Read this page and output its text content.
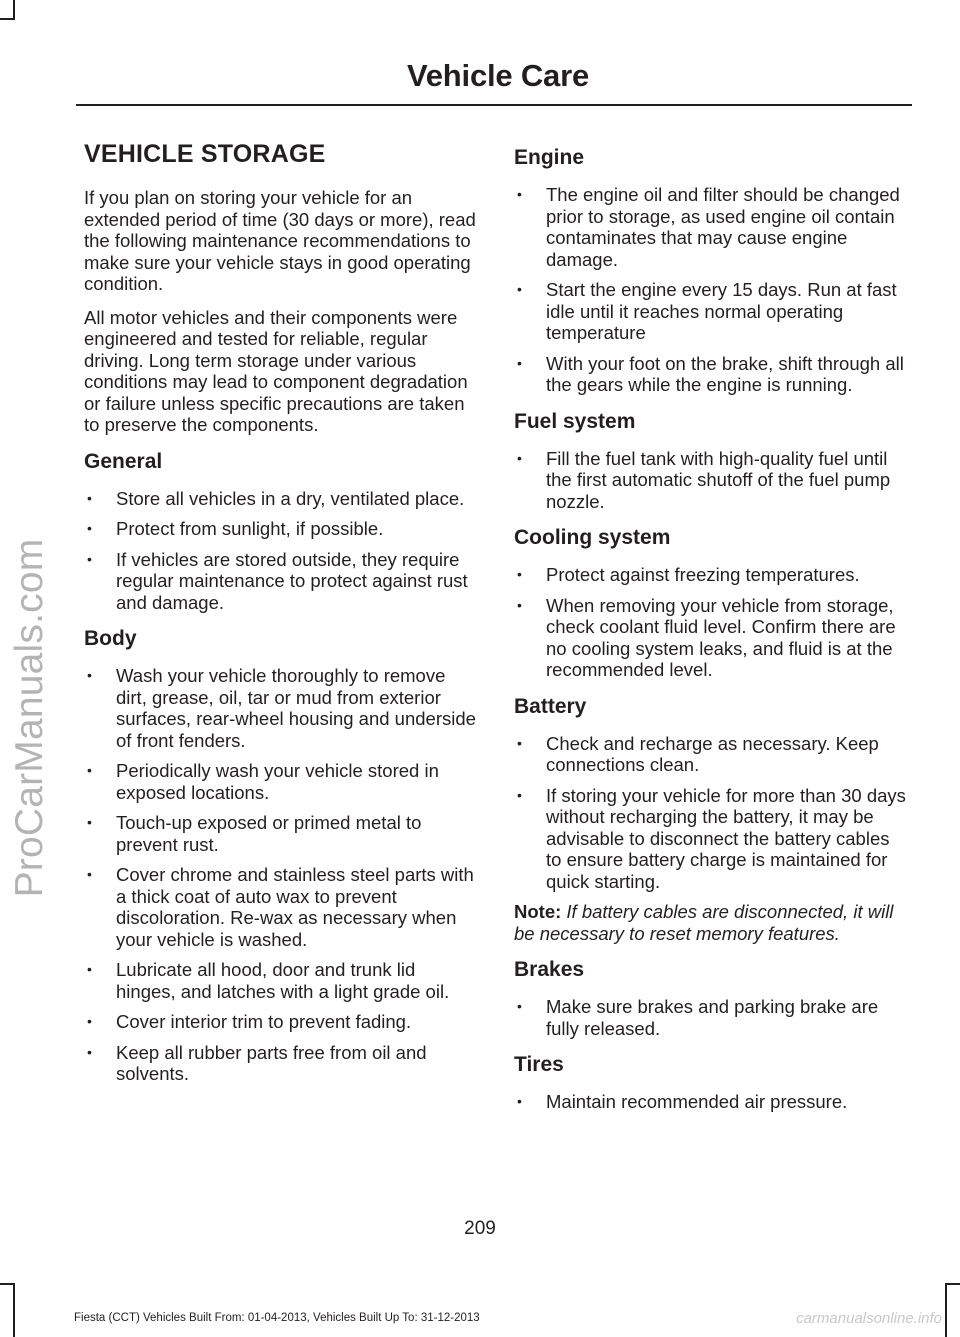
ProCarManuals.com
Vehicle Care
VEHICLE STORAGE

If you plan on storing your vehicle for an extended period of time (30 days or more), read the following maintenance recommendations to make sure your vehicle stays in good operating condition.

All motor vehicles and their components were engineered and tested for reliable, regular driving. Long term storage under various conditions may lead to component degradation or failure unless specific precautions are taken to preserve the components.

General
• Store all vehicles in a dry, ventilated place.
• Protect from sunlight, if possible.
• If vehicles are stored outside, they require regular maintenance to protect against rust and damage.
Body
• Wash your vehicle thoroughly to remove dirt, grease, oil, tar or mud from exterior surfaces, rear-wheel housing and underside of front fenders.
• Periodically wash your vehicle stored in exposed locations.
• Touch-up exposed or primed metal to prevent rust.
• Cover chrome and stainless steel parts with a thick coat of auto wax to prevent discoloration. Re-wax as necessary when your vehicle is washed.
• Lubricate all hood, door and trunk lid hinges, and latches with a light grade oil.
• Cover interior trim to prevent fading.
• Keep all rubber parts free from oil and solvents.
Engine
• The engine oil and filter should be changed prior to storage, as used engine oil contain contaminates that may cause engine damage.
• Start the engine every 15 days. Run at fast idle until it reaches normal operating temperature
• With your foot on the brake, shift through all the gears while the engine is running.
Fuel system
• Fill the fuel tank with high-quality fuel until the first automatic shutoff of the fuel pump nozzle.
Cooling system
• Protect against freezing temperatures.
• When removing your vehicle from storage, check coolant fluid level. Confirm there are no cooling system leaks, and fluid is at the recommended level.
Battery
• Check and recharge as necessary. Keep connections clean.
• If storing your vehicle for more than 30 days without recharging the battery, it may be advisable to disconnect the battery cables to ensure battery charge is maintained for quick starting.

Note: If battery cables are disconnected, it will be necessary to reset memory features.

Brakes
• Make sure brakes and parking brake are fully released.
Tires
• Maintain recommended air pressure.
209
Fiesta (CCT) Vehicles Built From: 01-04-2013, Vehicles Built Up To: 31-12-2013	carmanualsonline.info
